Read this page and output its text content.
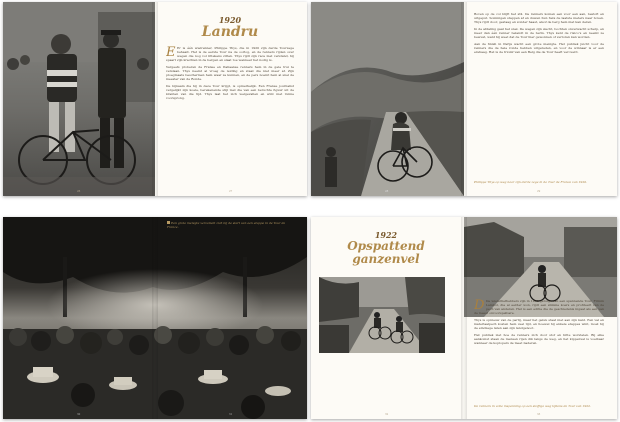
1920
Landru

E Er is één wielrenner, Philippe Thys, die in 1920 zijn derde Tourzege behaalt. Het is de eerste Tour na de oorlog, en de renners rijden over wegen die nog vol littekens zitten. Thys rijdt zijn race met verstand, hij spaart zijn krachten in de bergen en slaat toe wanneer het nodig is.

Vergeefs proberen de Franse en Italiaanse renners hem in de gele trui te verslaan. Thys neemt al vroeg de leiding en staat die niet meer af. Zijn ploegmaats beschermen hem waar ze kunnen, en de pers noemt hem al snel de meester van de Ronde.

De bijnaam die hij in deze Tour krijgt, is opmerkelijk. Een Franse journalist vergelijkt zijn koele, berekenende stijl met die van een beruchte figuur uit de kranten van die tijd. Thys laat het zich welgevallen en wint met ruime voorsprong.

26	27

Boven op de col blijft het stil. De renners komen een voor een aan, bestoft en uitgeput. Sommigen stappen af en duwen hun fiets de laatste meters naar boven. Thys rijdt door, gestaag en zonder haast, alsof de berg hem niet kan deren.

In de afdaling gaat het snel. De wegen zijn slecht, bochten onverwacht scherp, en meer dan één renner belandt in de berm. Thys kent de risico's en neemt ze bewust, want hij weet dat de Tour hier gewonnen of verloren kan worden.

Aan de finish in Parijs wacht een grote menigte. Het publiek juicht voor de renners die de hele ronde hebben uitgereden, en voor de winnaar is er een erehaag. Het is de triomf van een Belg die de Tour heeft veroverd.

Philippe Thys op weg naar zijn derde zege in de Tour de France van 1920.
28	29
Een grote menigte verzamelt zich bij de start van een etappe in de Tour de France.
30	31
1922
Opspattend
ganzenvel

D De wielerliefhebbers zijn in 1922 getuige van een spannende Tour. Firmin Lambot, die al eerder won, rijdt een slimme koers en profiteert van de pech van anderen. Het is een editie die de geschiedenis ingaat als een van de meest onvoorspelbare.

Thys is opnieuw van de partij, maar het geluk staat niet aan zijn kant. Een val en materiaalpech kosten hem veel tijd, en hoewel hij enkele etappes wint, moet hij de eindzege laten aan zijn landgenoot.

Het publiek ziet hoe de renners zich door stof en hitte worstelen. Bij elke aankomst staan de mensen rijen dik langs de weg, en het kippenvel is voelbaar wanneer de koplopers de meet naderen.

De renners in volle inspanning op een stoffige weg tijdens de Tour van 1922.
32	33
